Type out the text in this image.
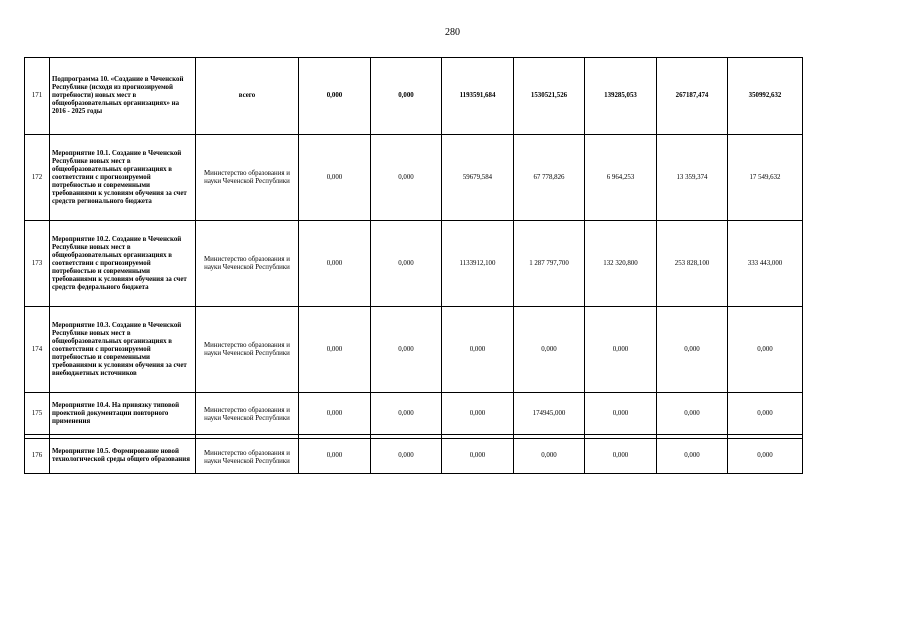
280
171	Подпрограмма 10. «Создание в Чеченской Республике (исходя из прогнозируемой потребности) новых мест в общеобразовательных организациях» на 2016 - 2025 годы	всего	0,000	0,000	1193591,684	1530521,526	139285,053	267187,474	350992,632
172	Мероприятие 10.1. Создание в Чеченской Республике новых мест в общеобразовательных организациях в соответствии с прогнозируемой потребностью и современными требованиями к условиям обучения за счет средств регионального бюджета	Министерство образования и науки Чеченской Республики	0,000	0,000	59679,584	67 778,826	6 964,253	13 359,374	17 549,632
173	Мероприятие 10.2. Создание в Чеченской Республике новых мест в общеобразовательных организациях в соответствии с прогнозируемой потребностью и современными требованиями к условиям обучения за счет средств федерального бюджета	Министерство образования и науки Чеченской Республики	0,000	0,000	1133912,100	1 287 797,700	132 320,800	253 828,100	333 443,000
174	Мероприятие 10.3. Создание в Чеченской Республике новых мест в общеобразовательных организациях в соответствии с прогнозируемой потребностью и современными требованиями к условиям обучения за счет внебюджетных источников	Министерство образования и науки Чеченской Республики	0,000	0,000	0,000	0,000	0,000	0,000	0,000
175	Мероприятие 10.4. На привязку типовой проектной документации повторного применения	Министерство образования и науки Чеченской Республики	0,000	0,000	0,000	174945,000	0,000	0,000	0,000

176	Мероприятие 10.5. Формирование новой технологической среды общего образования	Министерство образования и науки Чеченской Республики	0,000	0,000	0,000	0,000	0,000	0,000	0,000
